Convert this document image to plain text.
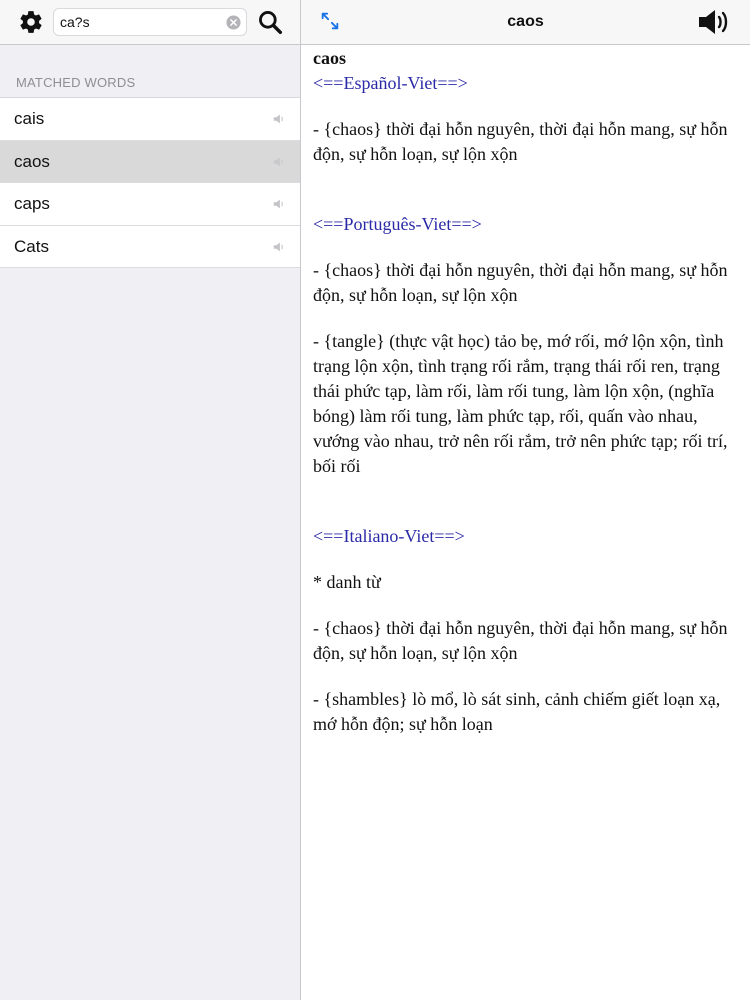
ca?s
MATCHED WORDS
cais
caos
caps
Cats
caos

caos

<==Español-Viet==>

- {chaos} thời đại hỗn nguyên, thời đại hỗn mang, sự hỗn độn, sự hỗn loạn, sự lộn xộn

<==Português-Viet==>

- {chaos} thời đại hỗn nguyên, thời đại hỗn mang, sự hỗn độn, sự hỗn loạn, sự lộn xộn

- {tangle} (thực vật học) tảo bẹ, mớ rối, mớ lộn xộn, tình trạng lộn xộn, tình trạng rối rắm, trạng thái rối ren, trạng thái phức tạp, làm rối, làm rối tung, làm lộn xộn, (nghĩa bóng) làm rối tung, làm phức tạp, rối, quấn vào nhau, vướng vào nhau, trở nên rối rắm, trở nên phức tạp; rối trí, bối rối

<==Italiano-Viet==>

* danh từ

- {chaos} thời đại hỗn nguyên, thời đại hỗn mang, sự hỗn độn, sự hỗn loạn, sự lộn xộn

- {shambles} lò mổ, lò sát sinh, cảnh chiếm giết loạn xạ, mớ hỗn độn; sự hỗn loạn
